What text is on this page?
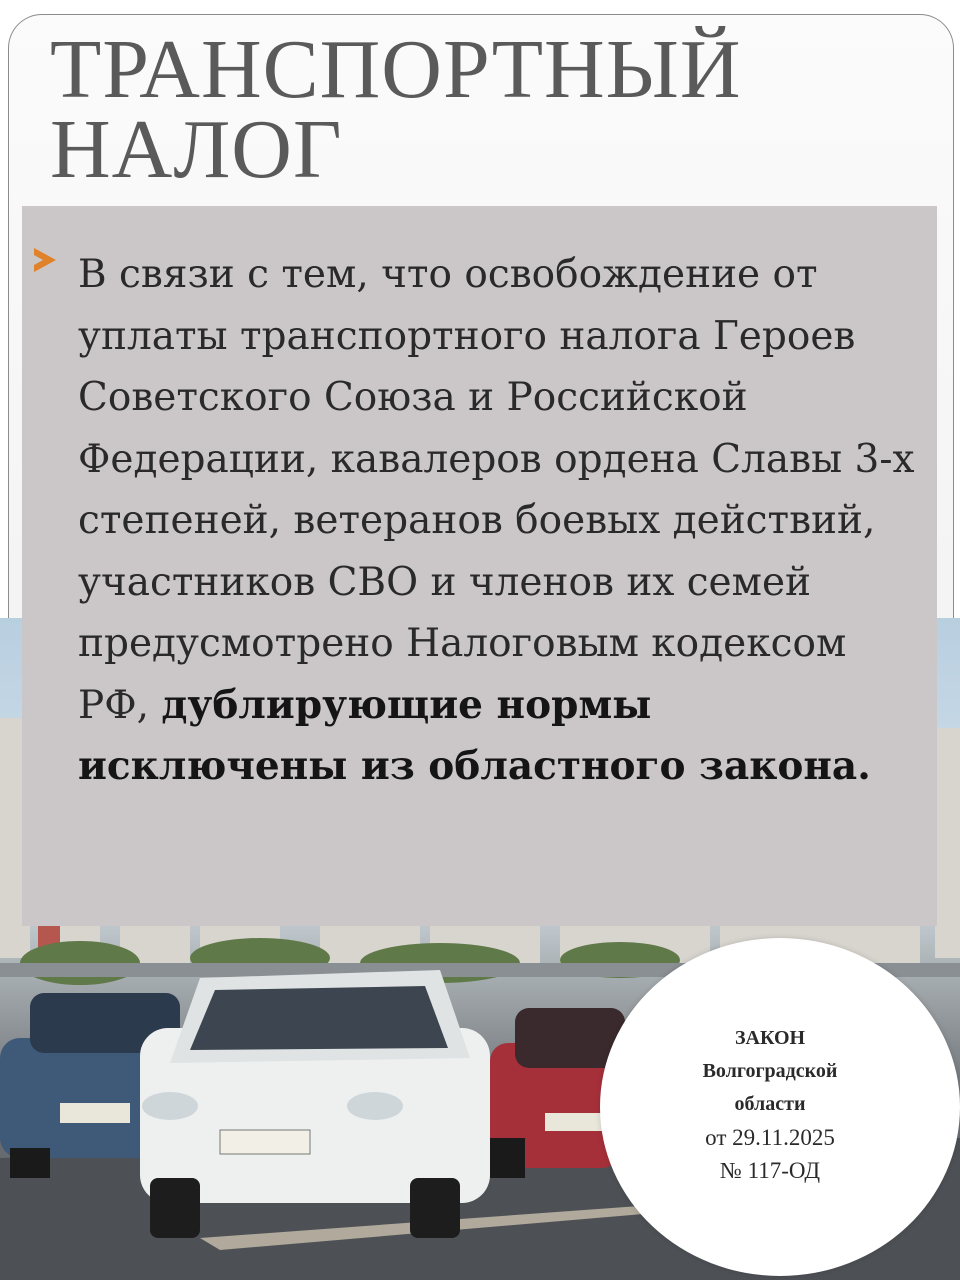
ТРАНСПОРТНЫЙ
НАЛОГ

В связи с тем, что освобождение от уплаты транспортного налога Героев Советского Союза и Российской Федерации, кавалеров ордена Славы 3-х степеней, ветеранов боевых действий, участников СВО и членов их семей предусмотрено Налоговым кодексом РФ, дублирующие нормы исключены из областного закона.

ЗАКОН
Волгоградской
области
от 29.11.2025
№ 117-ОД
